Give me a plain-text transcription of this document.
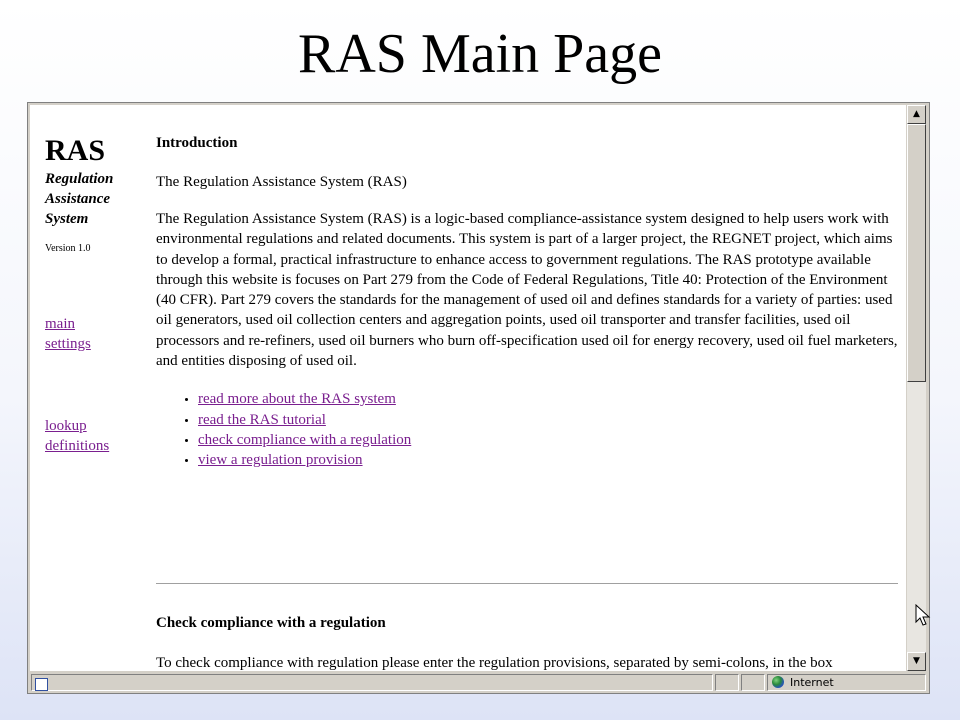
RAS Main Page
RAS
Regulation
Assistance
System
Version 1.0
main
settings
lookup
definitions
Introduction
The Regulation Assistance System (RAS)
The Regulation Assistance System (RAS) is a logic-based compliance-assistance system designed to help users work with environmental regulations and related documents. This system is part of a larger project, the REGNET project, which aims to develop a formal, practical infrastructure to enhance access to government regulations. The RAS prototype available through this website is focuses on Part 279 from the Code of Federal Regulations, Title 40: Protection of the Environment (40 CFR). Part 279 covers the standards for the management of used oil and defines standards for a variety of parties: used oil generators, used oil collection centers and aggregation points, used oil transporter and transfer facilities, used oil processors and re-refiners, used oil burners who burn off-specification used oil for energy recovery, used oil fuel marketers, and entities disposing of used oil.
• read more about the RAS system
• read the RAS tutorial
• check compliance with a regulation
• view a regulation provision
Check compliance with a regulation
To check compliance with regulation please enter the regulation provisions, separated by semi-colons, in the box
▲
▼
Internet
